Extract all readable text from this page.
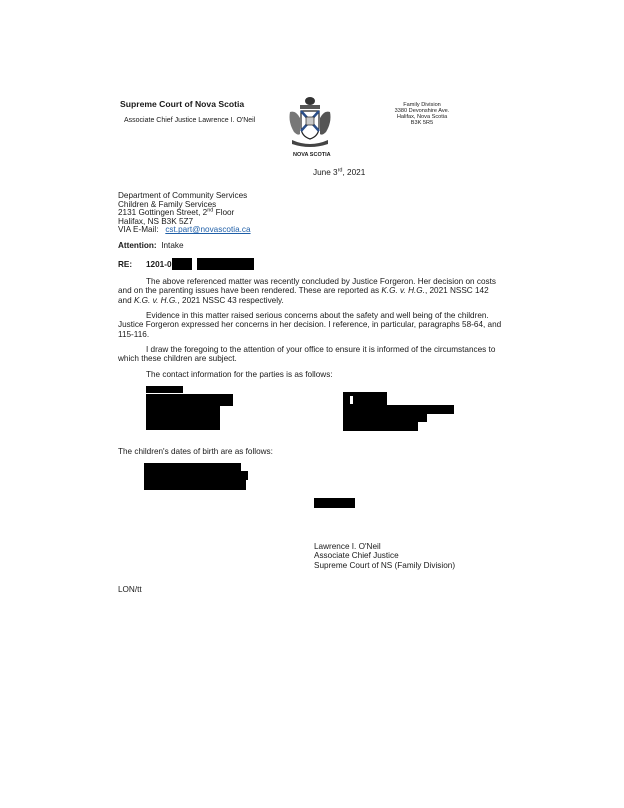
Supreme Court of Nova Scotia
Associate Chief Justice Lawrence I. O'Neil
NOVA SCOTIA
Family Division
3380 Devonshire Ave.
Halifax, Nova Scotia
B3K 5R5
June 3rd, 2021
Department of Community Services
Children & Family Services
2131 Gottingen Street, 2nd Floor
Halifax, NS B3K 5Z7
VIA E-Mail: cst.part@novascotia.ca
Attention: Intake
RE: 1201-0
The above referenced matter was recently concluded by Justice Forgeron. Her decision on costs and on the parenting issues have been rendered. These are reported as K.G. v. H.G., 2021 NSSC 142 and K.G. v. H.G., 2021 NSSC 43 respectively.
Evidence in this matter raised serious concerns about the safety and well being of the children. Justice Forgeron expressed her concerns in her decision. I reference, in particular, paragraphs 58-64, and 115-116.
I draw the foregoing to the attention of your office to ensure it is informed of the circumstances to which these children are subject.
The contact information for the parties is as follows:
The children's dates of birth are as follows:
Lawrence I. O'Neil
Associate Chief Justice
Supreme Court of NS (Family Division)
LON/tt
